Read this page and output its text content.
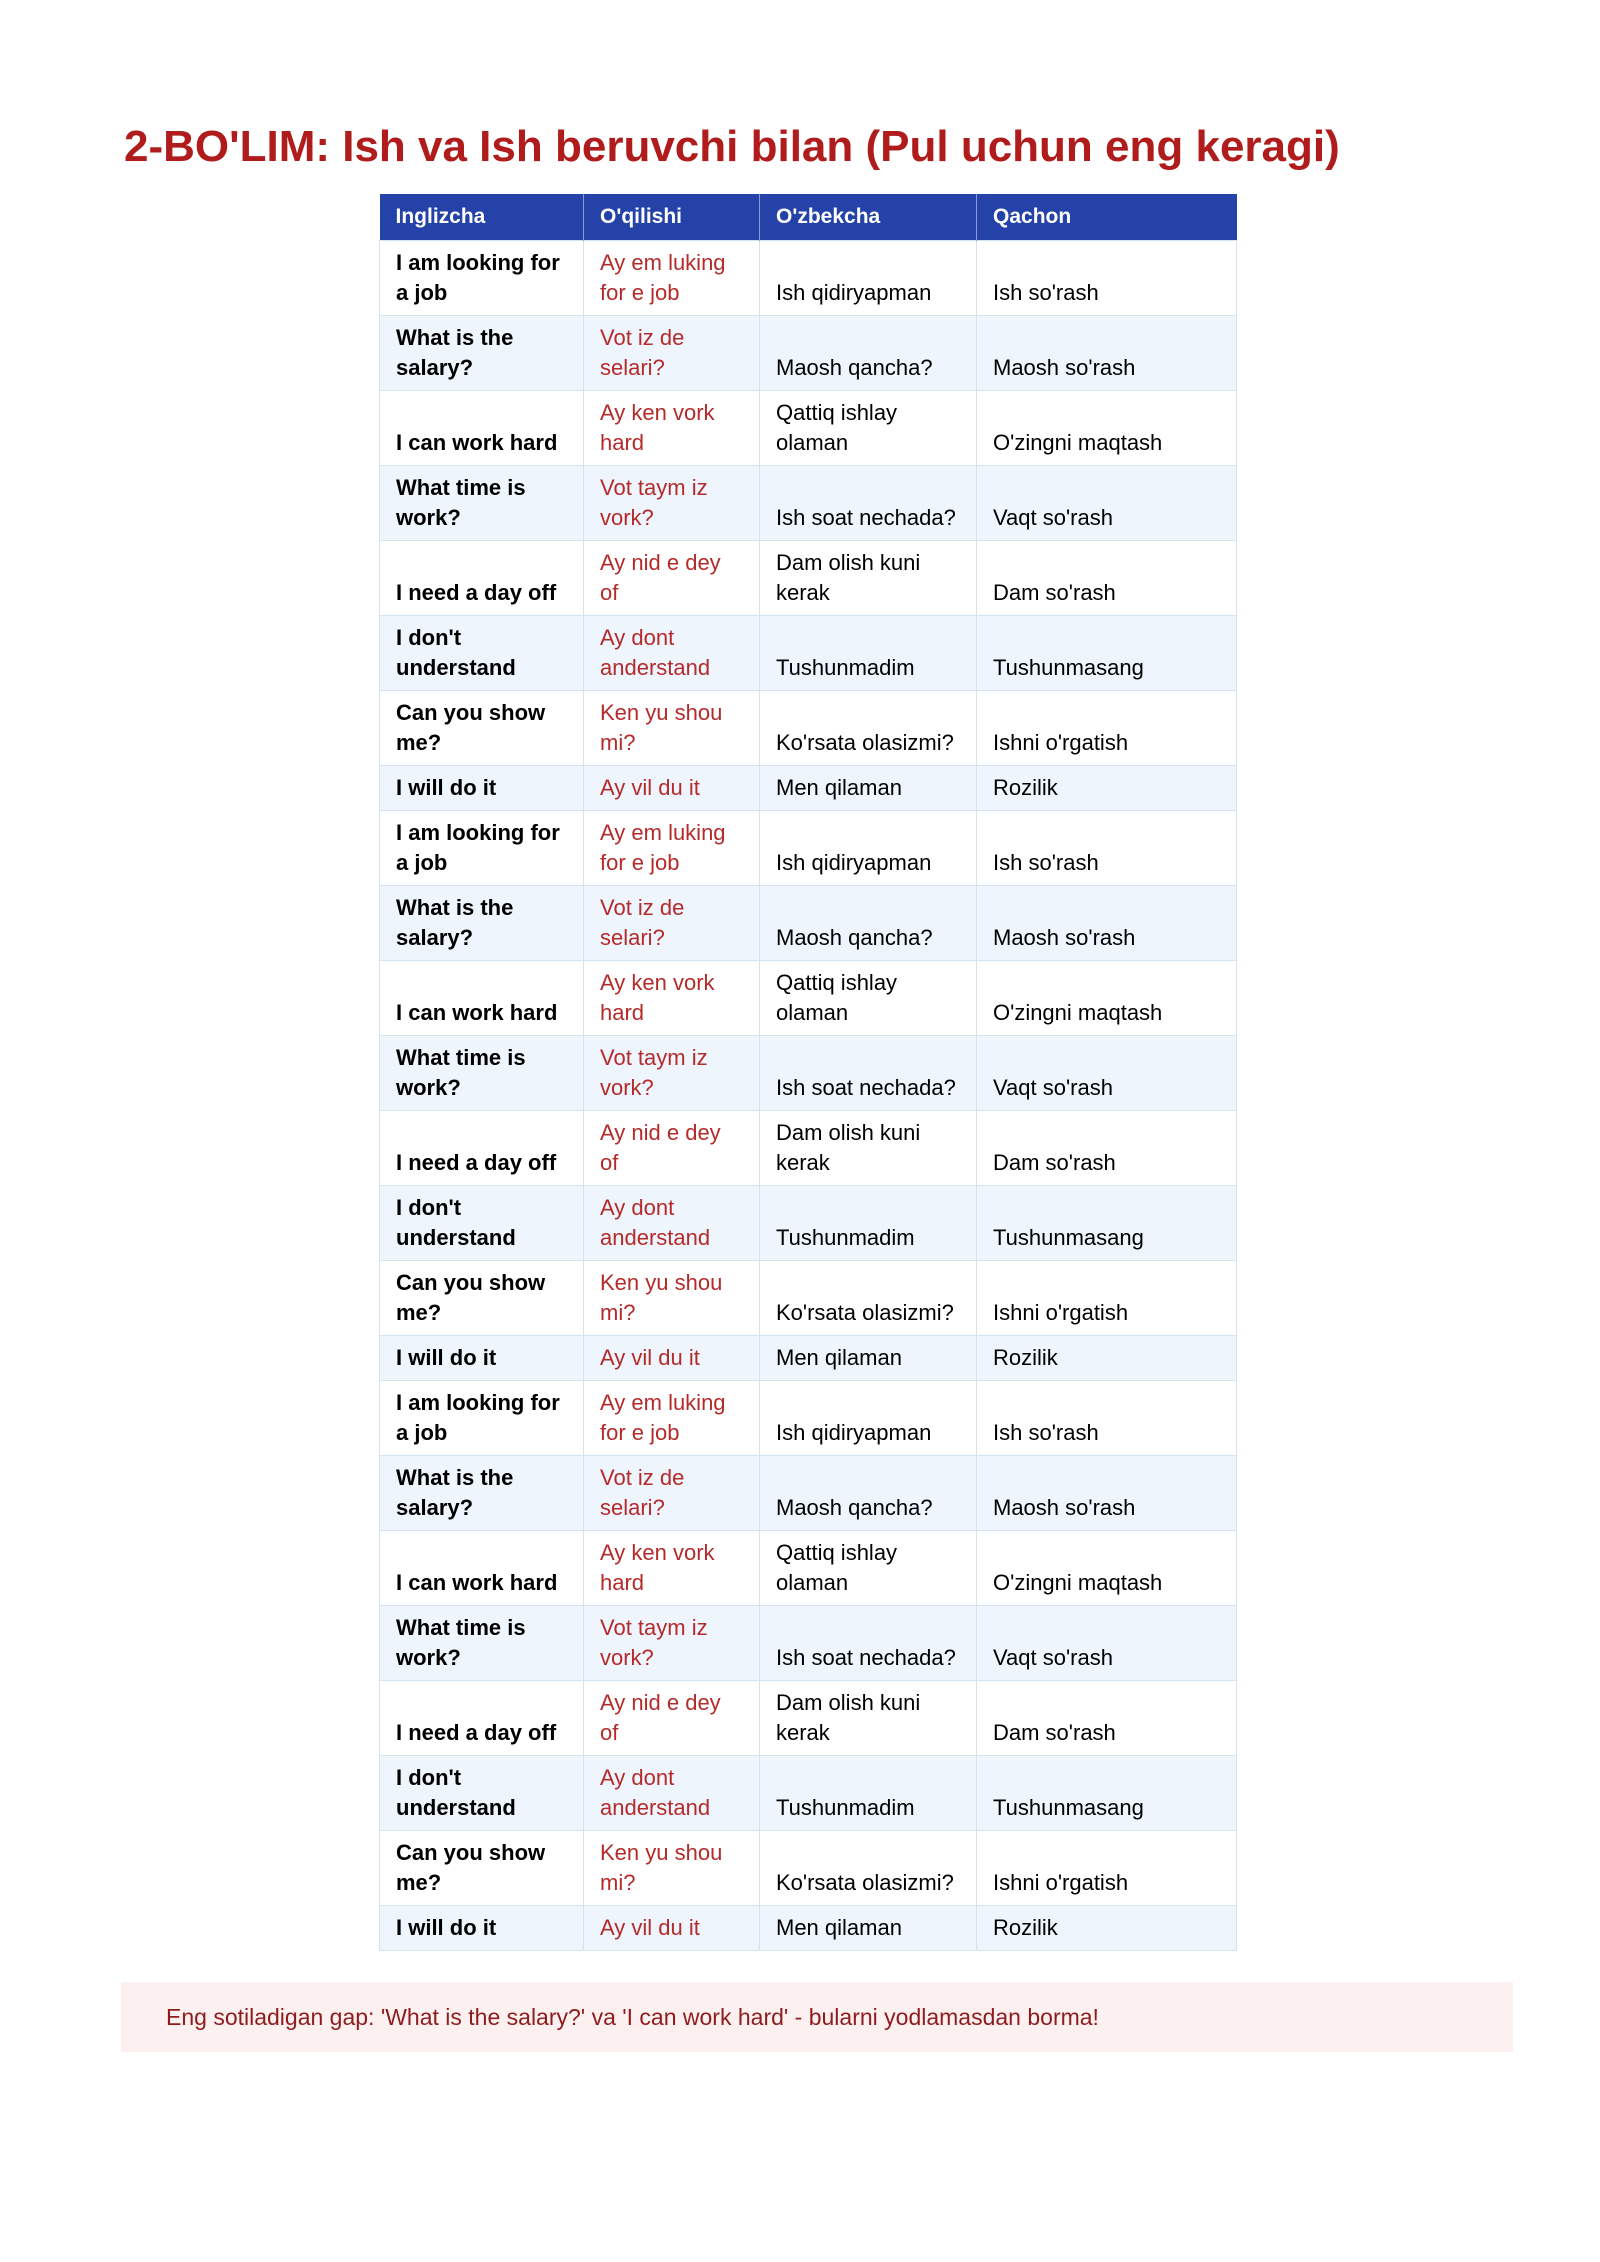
2-BO'LIM: Ish va Ish beruvchi bilan (Pul uchun eng keragi)
Inglizcha	O'qilishi	O'zbekcha	Qachon
I am looking for a job	Ay em luking for e job	Ish qidiryapman	Ish so'rash
What is the salary?	Vot iz de selari?	Maosh qancha?	Maosh so'rash
I can work hard	Ay ken vork hard	Qattiq ishlay olaman	O'zingni maqtash
What time is work?	Vot taym iz vork?	Ish soat nechada?	Vaqt so'rash
I need a day off	Ay nid e dey of	Dam olish kuni kerak	Dam so'rash
I don't understand	Ay dont anderstand	Tushunmadim	Tushunmasang
Can you show me?	Ken yu shou mi?	Ko'rsata olasizmi?	Ishni o'rgatish
I will do it	Ay vil du it	Men qilaman	Rozilik
I am looking for a job	Ay em luking for e job	Ish qidiryapman	Ish so'rash
What is the salary?	Vot iz de selari?	Maosh qancha?	Maosh so'rash
I can work hard	Ay ken vork hard	Qattiq ishlay olaman	O'zingni maqtash
What time is work?	Vot taym iz vork?	Ish soat nechada?	Vaqt so'rash
I need a day off	Ay nid e dey of	Dam olish kuni kerak	Dam so'rash
I don't understand	Ay dont anderstand	Tushunmadim	Tushunmasang
Can you show me?	Ken yu shou mi?	Ko'rsata olasizmi?	Ishni o'rgatish
I will do it	Ay vil du it	Men qilaman	Rozilik
I am looking for a job	Ay em luking for e job	Ish qidiryapman	Ish so'rash
What is the salary?	Vot iz de selari?	Maosh qancha?	Maosh so'rash
I can work hard	Ay ken vork hard	Qattiq ishlay olaman	O'zingni maqtash
What time is work?	Vot taym iz vork?	Ish soat nechada?	Vaqt so'rash
I need a day off	Ay nid e dey of	Dam olish kuni kerak	Dam so'rash
I don't understand	Ay dont anderstand	Tushunmadim	Tushunmasang
Can you show me?	Ken yu shou mi?	Ko'rsata olasizmi?	Ishni o'rgatish
I will do it	Ay vil du it	Men qilaman	Rozilik
Eng sotiladigan gap: 'What is the salary?' va 'I can work hard' - bularni yodlamasdan borma!
